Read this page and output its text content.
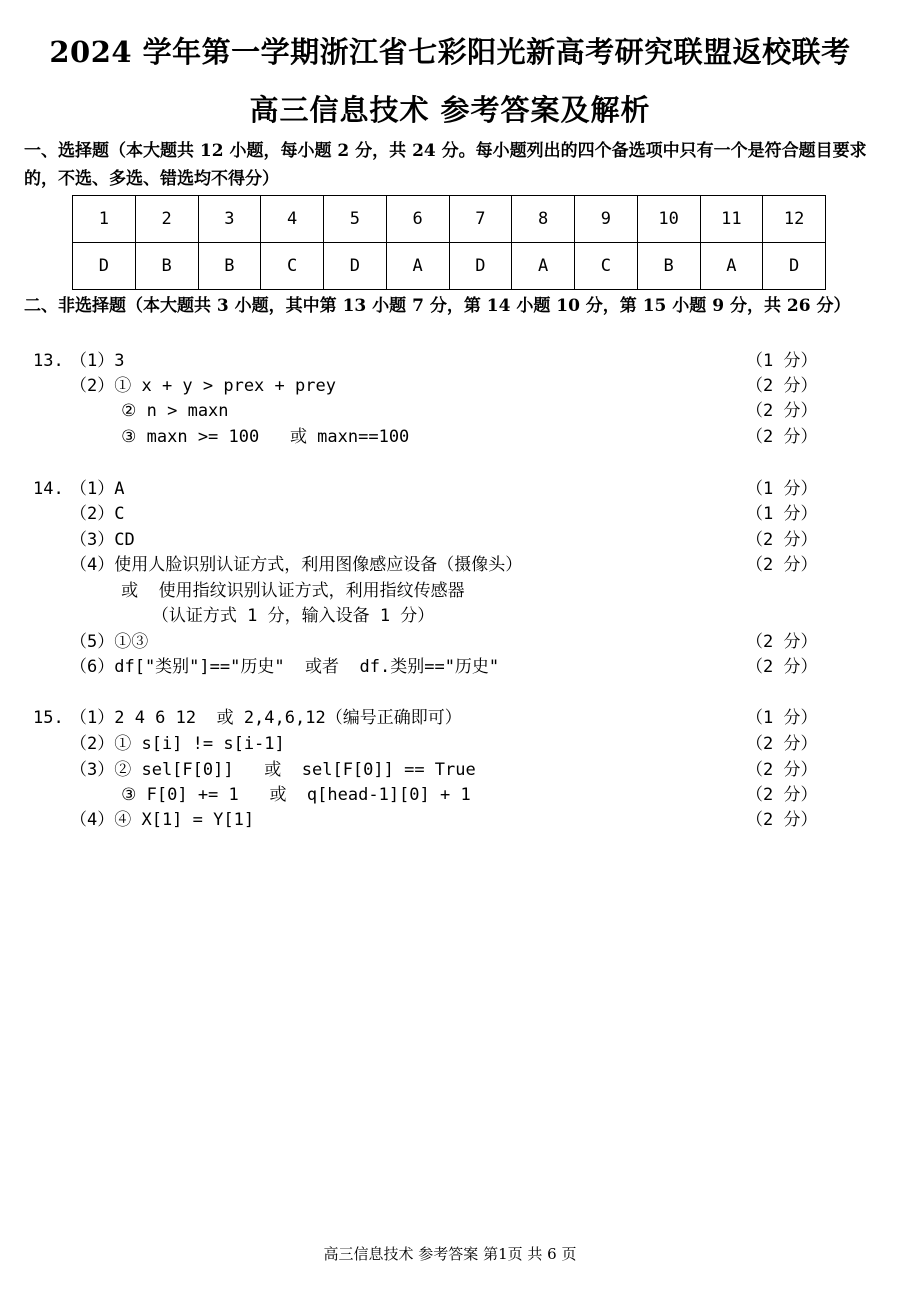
2024 学年第一学期浙江省七彩阳光新高考研究联盟返校联考
高三信息技术 参考答案及解析
一、选择题（本大题共 12 小题，每小题 2 分，共 24 分。每小题列出的四个备选项中只有一个是符合题目要求的，不选、多选、错选均不得分）
1	2	3	4	5	6	7	8	9	10	11	12
D	B	B	C	D	A	D	A	C	B	A	D
二、非选择题（本大题共 3 小题，其中第 13 小题 7 分，第 14 小题 10 分，第 15 小题 9 分，共 26 分）
13. （1）3	（1 分）
（2）① x + y > prex + prey	（2 分）
② n > maxn	（2 分）
③ maxn >= 100   或 maxn==100	（2 分）
14. （1）A	（1 分）
（2）C	（1 分）
（3）CD	（2 分）
（4）使用人脸识别认证方式，利用图像感应设备（摄像头）	（2 分）
或  使用指纹识别认证方式，利用指纹传感器
（认证方式 1 分，输入设备 1 分）
（5）①③	（2 分）
（6）df["类别"]=="历史"  或者  df.类别=="历史"	（2 分）
15. （1）2 4 6 12  或 2,4,6,12（编号正确即可）	（1 分）
（2）① s[i] != s[i-1]	（2 分）
（3）② sel[F[0]]   或  sel[F[0]] == True	（2 分）
③ F[0] += 1   或  q[head-1][0] + 1	（2 分）
（4）④ X[1] = Y[1]	（2 分）
高三信息技术 参考答案 第1页 共 6 页
